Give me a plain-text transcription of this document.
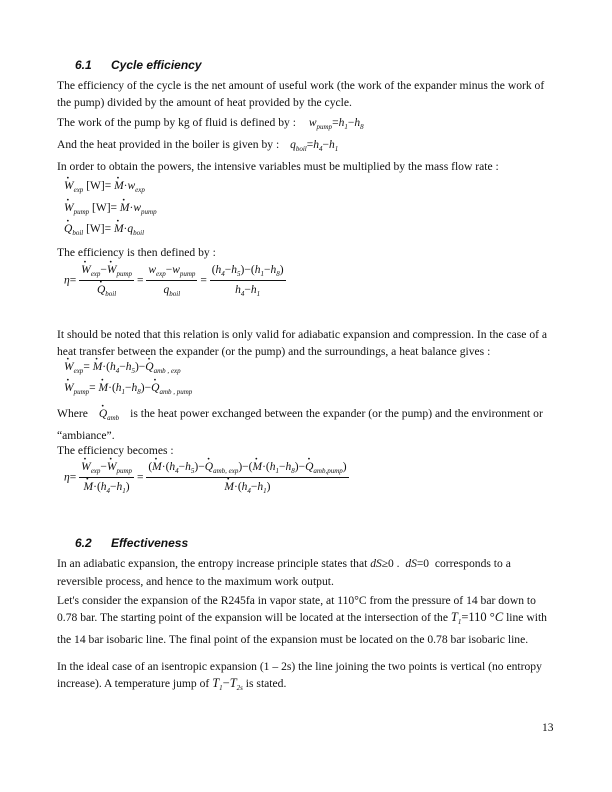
6.1 Cycle efficiency
The efficiency of the cycle is the net amount of useful work (the work of the expander minus the work of the pump) divided by the amount of heat provided by the cycle.
The work of the pump by kg of fluid is defined by : $w_{pump}=h_1-h_8$
And the heat provided in the boiler is given by : $q_{boil}=h_4-h_1$
In order to obtain the powers, the intensive variables must be multiplied by the mass flow rate :
· $W_{exp}$ $[W]= \cdot M\cdot w_{exp}$
· $W_{pump}$ $[W]= \cdot M\cdot w_{pump}$
· $Q_{boil}$ $[W]= \cdot M\cdot q_{boil}$
The efficiency is then defined by :
η=
· $W_{exp}-\cdot W_{pump}$
· $Q_{boil} = \frac{w_{exp}-w_{pump}}{q_{boil}} = \frac{(h_4-h_5)-(h_1-h_8)}{h_4-h_1}$
It should be noted that this relation is only valid for adiabatic expansion and compression. In the case of a heat transfer between the expander (or the pump) and the surroundings, a heat balance gives :
· $W_{exp}= \cdot M\cdot(h_4-h_5)-\cdot Q_{amb , exp}$
· $W_{pump}= \cdot M\cdot(h_1-h_8)-\cdot Q_{amb , pump}$
Where · $Q_{amb}$ is the heat power exchanged between the expander (or the pump) and the environment or “ambiance”.
The efficiency becomes :
η=
· $W_{exp}-\cdot W_{pump}$
· $M\cdot(h_4-h_1)$ = (· $M\cdot(h_4-h_5)-\cdot Q_{amb, exp})-(\cdot M\cdot(h_1-h_8)-\cdot Q_{amb,pump})$
· $M\cdot(h_4-h_1)$
6.2 Effectiveness
In an adiabatic expansion, the entropy increase principle states that dS≥0 .  dS=0 corresponds to a reversible process, and hence to the maximum work output.
Let's consider the expansion of the R245fa in vapor state, at 110°C from the pressure of 14 bar down to 0.78 bar. The starting point of the expansion will be located at the intersection of the $T_1=110$ °C line with the 14 bar isobaric line. The final point of the expansion must be located on the 0.78 bar isobaric line.
In the ideal case of an isentropic expansion (1 – 2s) the line joining the two points is vertical (no entropy increase). A temperature jump of $T_1-T_{2s}$ is stated.
13
